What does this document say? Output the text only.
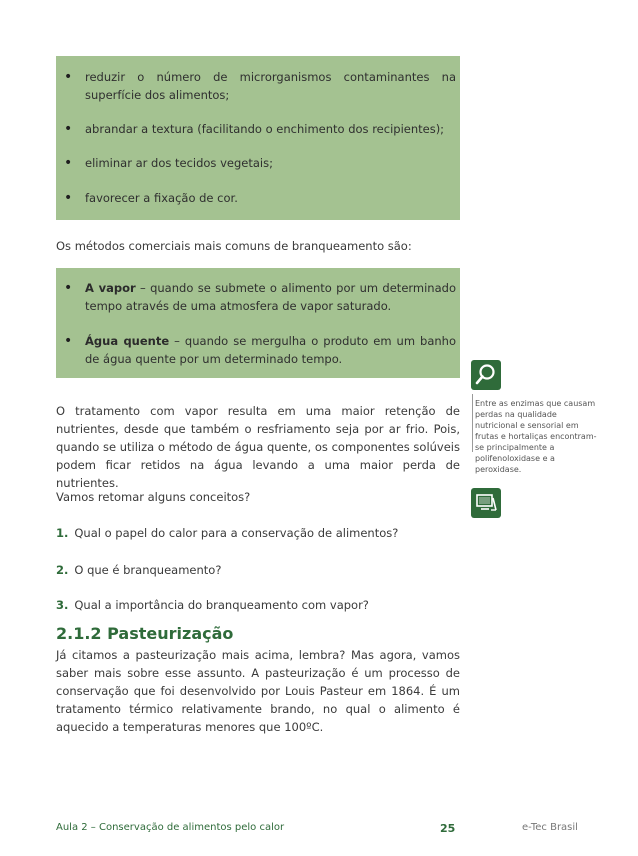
• reduzir o número de microrganismos contaminantes na superfície dos alimentos;
• abrandar a textura (facilitando o enchimento dos recipientes);
• eliminar ar dos tecidos vegetais;
• favorecer a fixação de cor.
Os métodos comerciais mais comuns de branqueamento são:
• A vapor – quando se submete o alimento por um determinado tempo através de uma atmosfera de vapor saturado.
• Água quente – quando se mergulha o produto em um banho de água quente por um determinado tempo.
O tratamento com vapor resulta em uma maior retenção de nutrientes, desde que também o resfriamento seja por ar frio. Pois, quando se utiliza o método de água quente, os componentes solúveis podem ficar retidos na água levando a uma maior perda de nutrientes.
Vamos retomar alguns conceitos?
1. Qual o papel do calor para a conservação de alimentos?
2. O que é branqueamento?
3. Qual a importância do branqueamento com vapor?
2.1.2 Pasteurização
Já citamos a pasteurização mais acima, lembra? Mas agora, vamos saber mais sobre esse assunto. A pasteurização é um processo de conservação que foi desenvolvido por Louis Pasteur em 1864. É um tratamento térmico relativamente brando, no qual o alimento é aquecido a temperaturas menores que 100ºC.
Entre as enzimas que causam perdas na qualidade nutricional e sensorial em frutas e hortaliças encontram-se principalmente a polifenoloxidase e a peroxidase.
Aula 2 – Conservação de alimentos pelo calor	25	e-Tec Brasil
